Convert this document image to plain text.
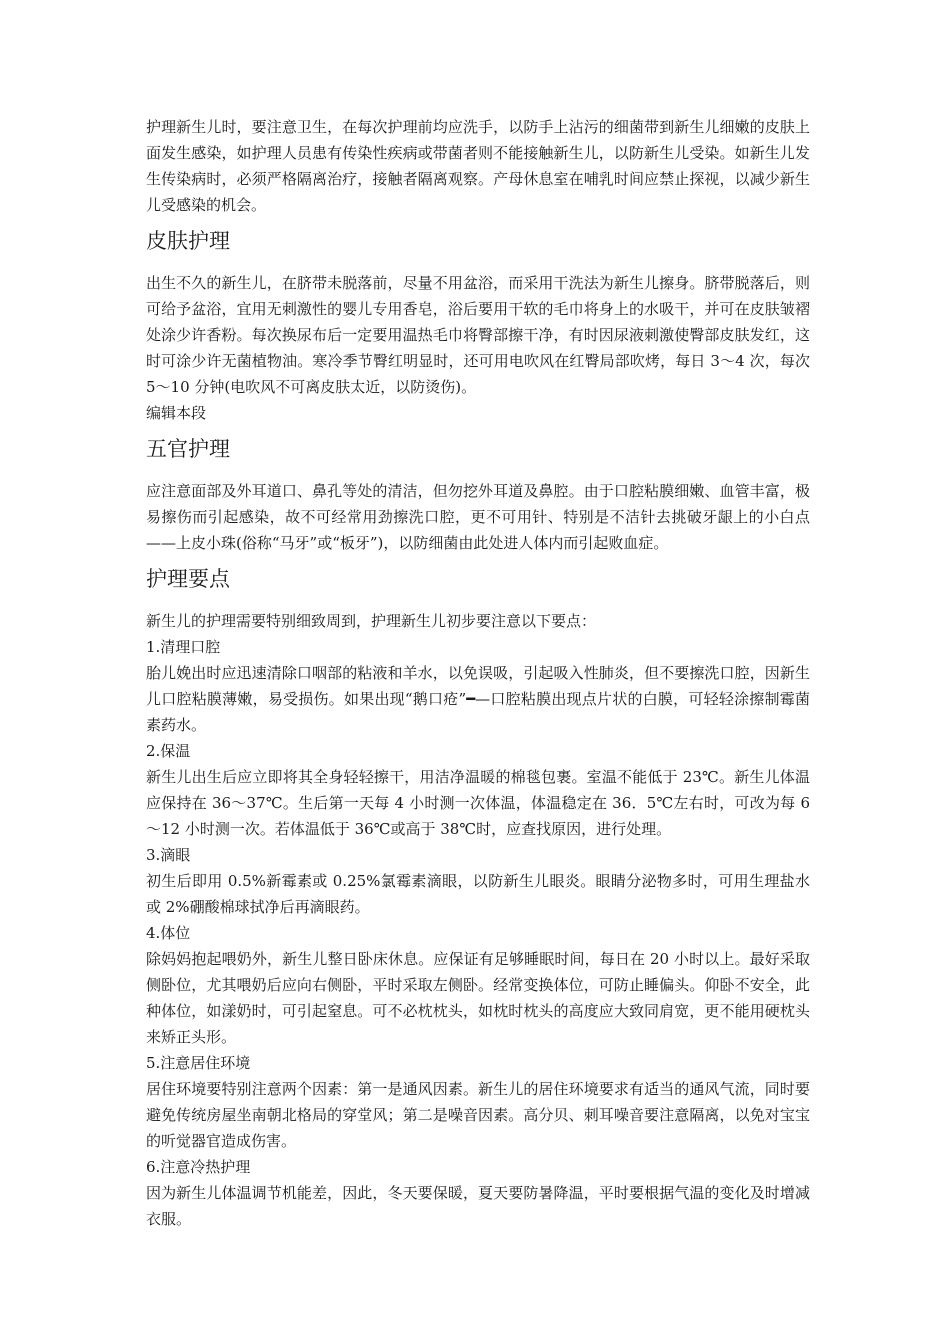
护理新生儿时，要注意卫生，在每次护理前均应洗手，以防手上沾污的细菌带到新生儿细嫩的皮肤上面发生感染，如护理人员患有传染性疾病或带菌者则不能接触新生儿，以防新生儿受染。如新生儿发生传染病时，必须严格隔离治疗，接触者隔离观察。产母休息室在哺乳时间应禁止探视，以减少新生儿受感染的机会。

皮肤护理

出生不久的新生儿，在脐带未脱落前，尽量不用盆浴，而采用干洗法为新生儿擦身。脐带脱落后，则可给予盆浴，宜用无刺激性的婴儿专用香皂，浴后要用干软的毛巾将身上的水吸干，并可在皮肤皱褶处涂少许香粉。每次换尿布后一定要用温热毛巾将臀部擦干净，有时因尿液刺激使臀部皮肤发红，这时可涂少许无菌植物油。寒冷季节臀红明显时，还可用电吹风在红臀局部吹烤，每日 3～4 次，每次 5～10 分钟(电吹风不可离皮肤太近，以防烫伤)。

编辑本段

五官护理

应注意面部及外耳道口、鼻孔等处的清洁，但勿挖外耳道及鼻腔。由于口腔粘膜细嫩、血管丰富，极易擦伤而引起感染，故不可经常用劲擦洗口腔，更不可用针、特别是不洁针去挑破牙龈上的小白点——上皮小珠(俗称“马牙”或“板牙”)，以防细菌由此处进人体内而引起败血症。

护理要点

新生儿的护理需要特别细致周到，护理新生儿初步要注意以下要点：

1.清理口腔

胎儿娩出时应迅速清除口咽部的粘液和羊水，以免误吸，引起吸入性肺炎，但不要擦洗口腔，因新生儿口腔粘膜薄嫩，易受损伤。如果出现“鹅口疮”━—口腔粘膜出现点片状的白膜，可轻轻涂擦制霉菌素药水。

2.保温

新生儿出生后应立即将其全身轻轻擦干，用洁净温暖的棉毯包裹。室温不能低于 23℃。新生儿体温应保持在 36～37℃。生后第一天每 4 小时测一次体温，体温稳定在 36．5℃左右时，可改为每 6～12 小时测一次。若体温低于 36℃或高于 38℃时，应查找原因，进行处理。

3.滴眼

初生后即用 0.5%新霉素或 0.25%氯霉素滴眼，以防新生儿眼炎。眼睛分泌物多时，可用生理盐水或 2%硼酸棉球拭净后再滴眼药。

4.体位

除妈妈抱起喂奶外，新生儿整日卧床休息。应保证有足够睡眠时间，每日在 20 小时以上。最好采取侧卧位，尤其喂奶后应向右侧卧，平时采取左侧卧。经常变换体位，可防止睡偏头。仰卧不安全，此种体位，如漾奶时，可引起窒息。可不必枕枕头，如枕时枕头的高度应大致同肩宽，更不能用硬枕头来矫正头形。

5.注意居住环境

居住环境要特别注意两个因素：第一是通风因素。新生儿的居住环境要求有适当的通风气流，同时要避免传统房屋坐南朝北格局的穿堂风；第二是噪音因素。高分贝、刺耳噪音要注意隔离，以免对宝宝的听觉器官造成伤害。

6.注意冷热护理

因为新生儿体温调节机能差，因此，冬天要保暖，夏天要防暑降温，平时要根据气温的变化及时增减衣服。
